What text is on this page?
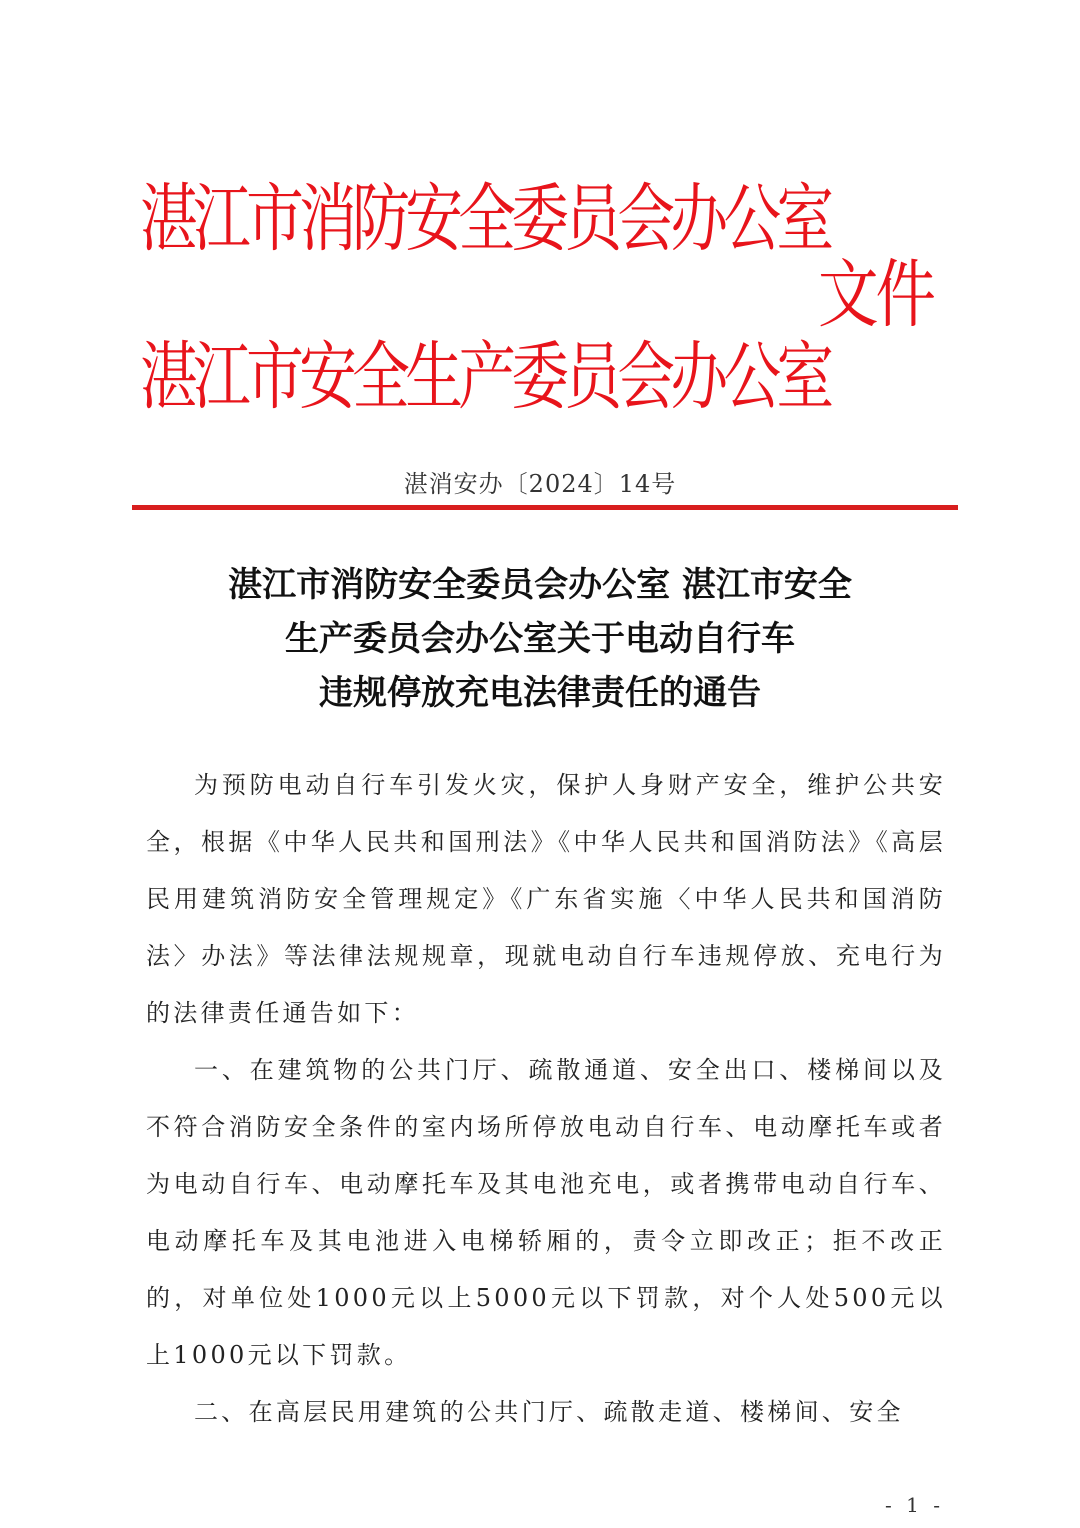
湛江市消防安全委员会办公室
湛江市安全生产委员会办公室
文件
湛消安办〔2024〕14号
湛江市消防安全委员会办公室 湛江市安全
生产委员会办公室关于电动自行车
违规停放充电法律责任的通告

为预防电动自行车引发火灾，保护人身财产安全，维护公共安全，根据《中华人民共和国刑法》《中华人民共和国消防法》《高层民用建筑消防安全管理规定》《广东省实施〈中华人民共和国消防法〉办法》等法律法规规章，现就电动自行车违规停放、充电行为的法律责任通告如下：

一、在建筑物的公共门厅、疏散通道、安全出口、楼梯间以及不符合消防安全条件的室内场所停放电动自行车、电动摩托车或者为电动自行车、电动摩托车及其电池充电，或者携带电动自行车、电动摩托车及其电池进入电梯轿厢的，责令立即改正；拒不改正的，对单位处1000元以上5000元以下罚款，对个人处500元以上1000元以下罚款。

二、在高层民用建筑的公共门厅、疏散走道、楼梯间、安全

- 1 -
